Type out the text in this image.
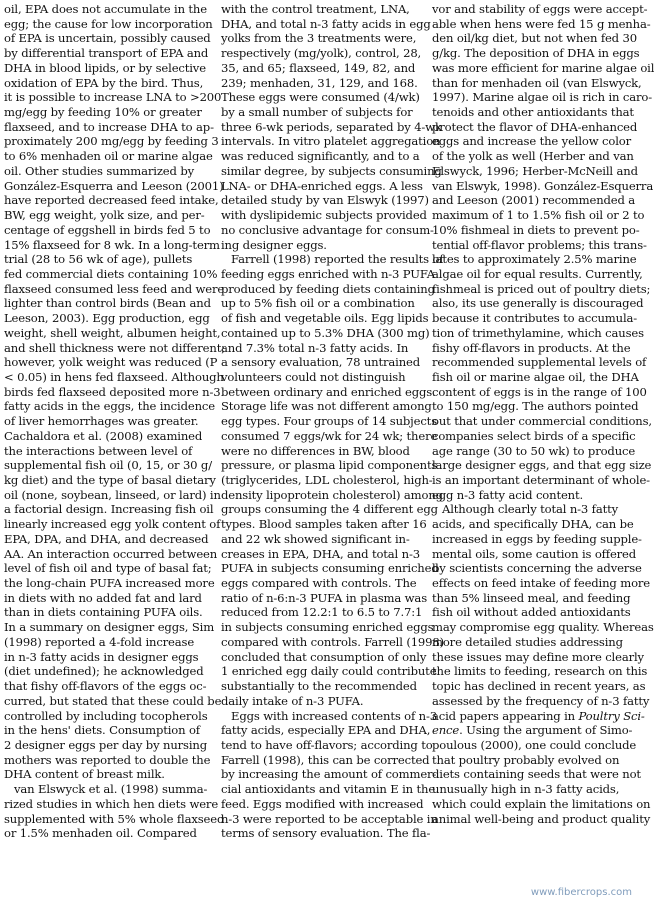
oil, EPA does not accumulate in the
egg; the cause for low incorporation
of EPA is uncertain, possibly caused
by differential transport of EPA and
DHA in blood lipids, or by selective
oxidation of EPA by the bird. Thus,
it is possible to increase LNA to >200
mg/egg by feeding 10% or greater
flaxseed, and to increase DHA to ap-
proximately 200 mg/egg by feeding 3
to 6% menhaden oil or marine algae
oil. Other studies summarized by
González-Esquerra and Leeson (2001)
have reported decreased feed intake,
BW, egg weight, yolk size, and per-
centage of eggshell in birds fed 5 to
15% flaxseed for 8 wk. In a long-term
trial (28 to 56 wk of age), pullets
fed commercial diets containing 10%
flaxseed consumed less feed and were
lighter than control birds (Bean and
Leeson, 2003). Egg production, egg
weight, shell weight, albumen height,
and shell thickness were not different;
however, yolk weight was reduced (P
< 0.05) in hens fed flaxseed. Although
birds fed flaxseed deposited more n-3
fatty acids in the eggs, the incidence
of liver hemorrhages was greater.
Cachaldora et al. (2008) examined
the interactions between level of
supplemental fish oil (0, 15, or 30 g/
kg diet) and the type of basal dietary
oil (none, soybean, linseed, or lard) in
a factorial design. Increasing fish oil
linearly increased egg yolk content of
EPA, DPA, and DHA, and decreased
AA. An interaction occurred between
level of fish oil and type of basal fat;
the long-chain PUFA increased more
in diets with no added fat and lard
than in diets containing PUFA oils.
In a summary on designer eggs, Sim
(1998) reported a 4-fold increase
in n-3 fatty acids in designer eggs
(diet undefined); he acknowledged
that fishy off-flavors of the eggs oc-
curred, but stated that these could be
controlled by including tocopherols
in the hens' diets. Consumption of
2 designer eggs per day by nursing
mothers was reported to double the
DHA content of breast milk.
van Elswyck et al. (1998) summa-
rized studies in which hen diets were
supplemented with 5% whole flaxseed
or 1.5% menhaden oil. Compared
with the control treatment, LNA,
DHA, and total n-3 fatty acids in egg
yolks from the 3 treatments were,
respectively (mg/yolk), control, 28,
35, and 65; flaxseed, 149, 82, and
239; menhaden, 31, 129, and 168.
These eggs were consumed (4/wk)
by a small number of subjects for
three 6-wk periods, separated by 4-wk
intervals. In vitro platelet aggregation
was reduced significantly, and to a
similar degree, by subjects consuming
LNA- or DHA-enriched eggs. A less
detailed study by van Elswyk (1997)
with dyslipidemic subjects provided
no conclusive advantage for consum-
ing designer eggs.
Farrell (1998) reported the results of
feeding eggs enriched with n-3 PUFA
produced by feeding diets containing
up to 5% fish oil or a combination
of fish and vegetable oils. Egg lipids
contained up to 5.3% DHA (300 mg)
and 7.3% total n-3 fatty acids. In
a sensory evaluation, 78 untrained
volunteers could not distinguish
between ordinary and enriched eggs.
Storage life was not different among
egg types. Four groups of 14 subjects
consumed 7 eggs/wk for 24 wk; there
were no differences in BW, blood
pressure, or plasma lipid components
(triglycerides, LDL cholesterol, high-
density lipoprotein cholesterol) among
groups consuming the 4 different egg
types. Blood samples taken after 16
and 22 wk showed significant in-
creases in EPA, DHA, and total n-3
PUFA in subjects consuming enriched
eggs compared with controls. The
ratio of n-6:n-3 PUFA in plasma was
reduced from 12.2:1 to 6.5 to 7.7:1
in subjects consuming enriched eggs
compared with controls. Farrell (1998)
concluded that consumption of only
1 enriched egg daily could contribute
substantially to the recommended
daily intake of n-3 PUFA.
Eggs with increased contents of n-3
fatty acids, especially EPA and DHA,
tend to have off-flavors; according to
Farrell (1998), this can be corrected
by increasing the amount of commer-
cial antioxidants and vitamin E in the
feed. Eggs modified with increased
n-3 were reported to be acceptable in
terms of sensory evaluation. The fla-
vor and stability of eggs were accept-
able when hens were fed 15 g menha-
den oil/kg diet, but not when fed 30
g/kg. The deposition of DHA in eggs
was more efficient for marine algae oil
than for menhaden oil (van Elswyck,
1997). Marine algae oil is rich in caro-
tenoids and other antioxidants that
protect the flavor of DHA-enhanced
eggs and increase the yellow color
of the yolk as well (Herber and van
Elswyck, 1996; Herber-McNeill and
van Elswyk, 1998). González-Esquerra
and Leeson (2001) recommended a
maximum of 1 to 1.5% fish oil or 2 to
10% fishmeal in diets to prevent po-
tential off-flavor problems; this trans-
lates to approximately 2.5% marine
algae oil for equal results. Currently,
fishmeal is priced out of poultry diets;
also, its use generally is discouraged
because it contributes to accumula-
tion of trimethylamine, which causes
fishy off-flavors in products. At the
recommended supplemental levels of
fish oil or marine algae oil, the DHA
content of eggs is in the range of 100
to 150 mg/egg. The authors pointed
out that under commercial conditions,
companies select birds of a specific
age range (30 to 50 wk) to produce
large designer eggs, and that egg size
is an important determinant of whole-
egg n-3 fatty acid content.
Although clearly total n-3 fatty
acids, and specifically DHA, can be
increased in eggs by feeding supple-
mental oils, some caution is offered
by scientists concerning the adverse
effects on feed intake of feeding more
than 5% linseed meal, and feeding
fish oil without added antioxidants
may compromise egg quality. Whereas
more detailed studies addressing
these issues may define more clearly
the limits to feeding, research on this
topic has declined in recent years, as
assessed by the frequency of n-3 fatty
acid papers appearing in Poultry Sci-
ence. Using the argument of Simo-
poulous (2000), one could conclude
that poultry probably evolved on
diets containing seeds that were not
unusually high in n-3 fatty acids,
which could explain the limitations on
animal well-being and product quality
www.fibercrops.com
